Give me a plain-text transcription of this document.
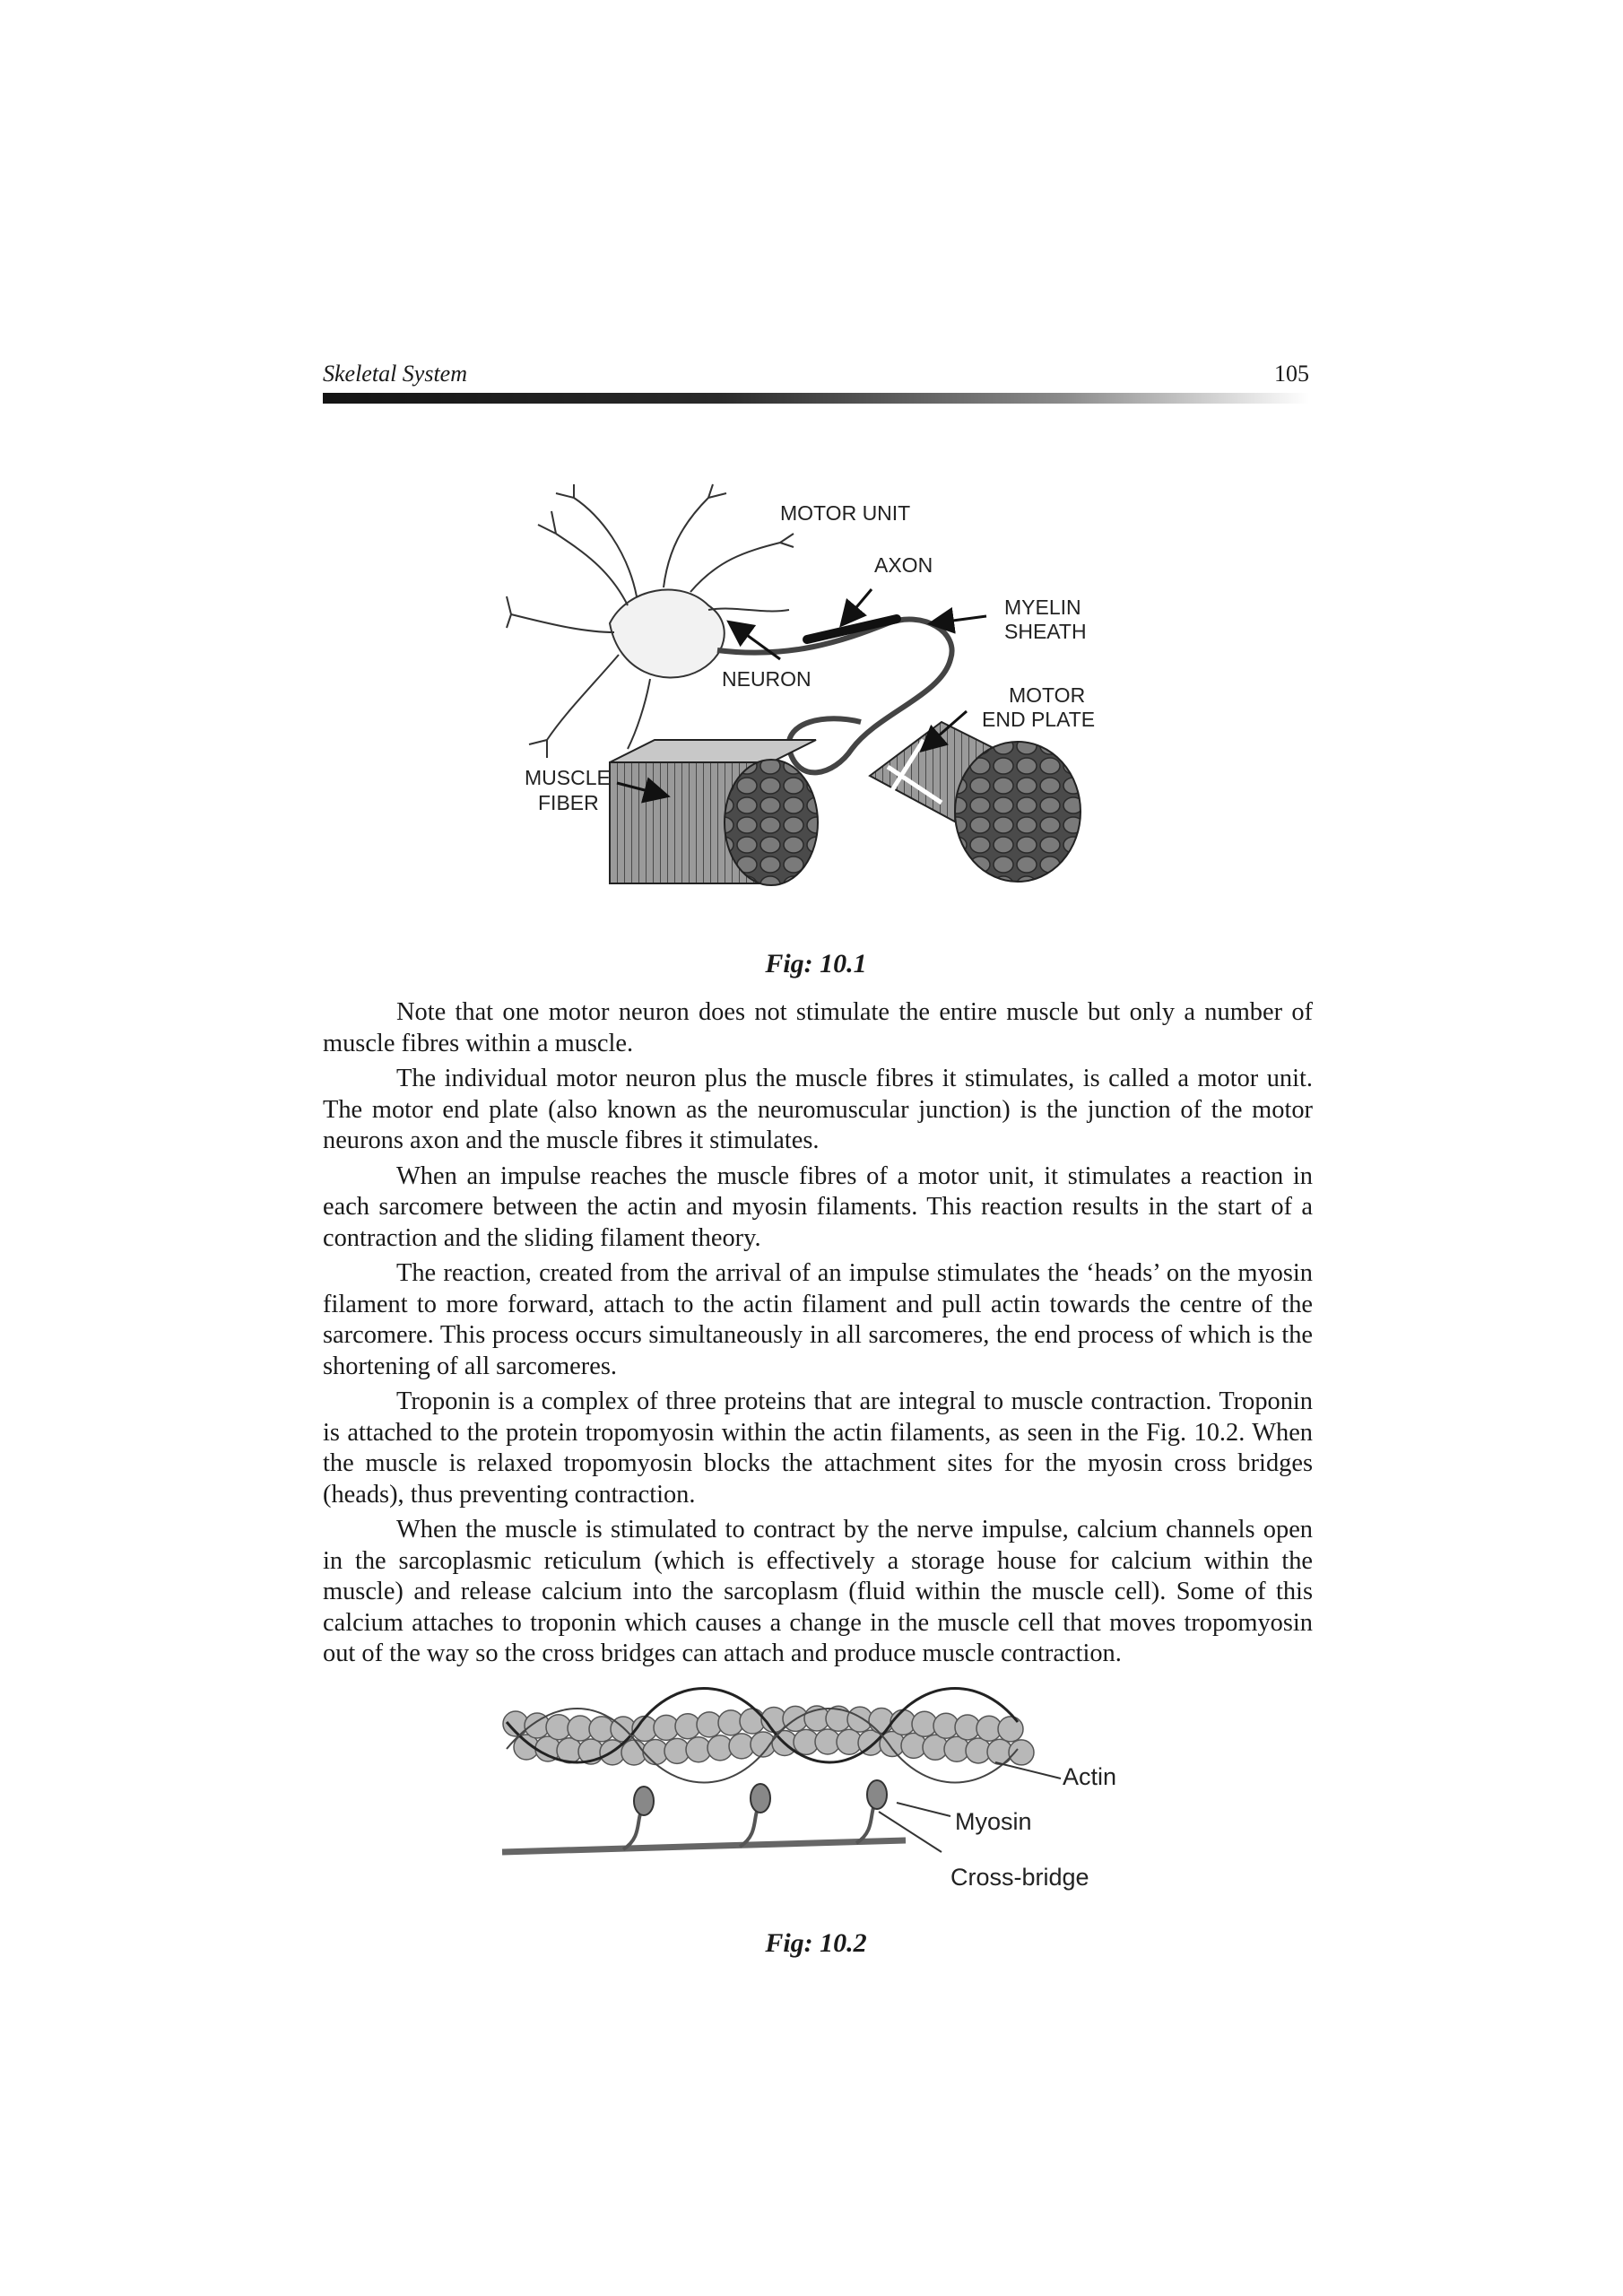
Skeletal System	105
MOTOR UNIT
AXON
MYELIN
SHEATH
NEURON
MOTOR
END PLATE
MUSCLE
FIBER
Fig: 10.1

Note that one motor neuron does not stimulate the entire muscle but only a number of muscle fibres within a muscle.

The individual motor neuron plus the muscle fibres it stimulates, is called a motor unit. The motor end plate (also known as the neuromuscular junction) is the junction of the motor neurons axon and the muscle fibres it stimulates.

When an impulse reaches the muscle fibres of a motor unit, it stimulates a reaction in each sarcomere between the actin and myosin filaments. This reaction results in the start of a contraction and the sliding filament theory.

The reaction, created from the arrival of an impulse stimulates the ‘heads’ on the myosin filament to more forward, attach to the actin filament and pull actin towards the centre of the sarcomere. This process occurs simultaneously in all sarcomeres, the end process of which is the shortening of all sarcomeres.

Troponin is a complex of three proteins that are integral to muscle contraction. Troponin is attached to the protein tropomyosin within the actin filaments, as seen in the Fig. 10.2. When the muscle is relaxed tropomyosin blocks the attachment sites for the myosin cross bridges (heads), thus preventing contraction.

When the muscle is stimulated to contract by the nerve impulse, calcium channels open in the sarcoplasmic reticulum (which is effectively a storage house for calcium within the muscle) and release calcium into the sarcoplasm (fluid within the muscle cell). Some of this calcium attaches to troponin which causes a change in the muscle cell that moves tropomyosin out of the way so the cross bridges can attach and produce muscle contraction.

Actin
Myosin
Cross-bridge
Fig: 10.2
